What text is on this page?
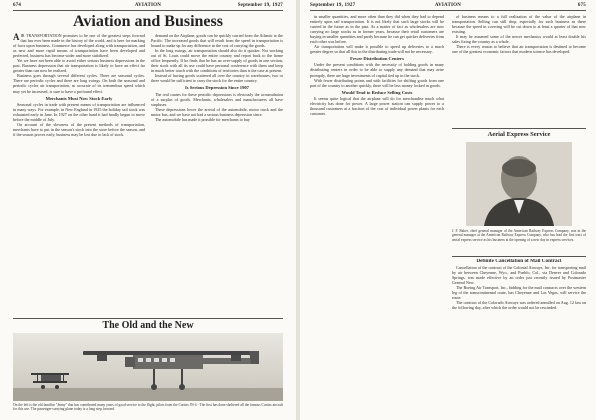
674	AVIATION	September 19, 1927
Aviation and Business

AIR TRANSPORTATION promises to be one of the greatest steps forward that has ever been made in the history of the world, and is here for marking of facts upon business. Commerce has developed along with transportation, and as new and more rapid means of transportation have been developed and perfected, business has become wider and more stabilized.

Yet we have not been able to avoid either serious business depressions in the past. Business depression that air transportation is likely to have an effect far greater than can now be realized.

Business goes through several different cycles. There are seasonal cycles. There are periodic cycles and there are long swings. On both the seasonal and periodic cycles air transportation, as accurate of its tremendous speed which may yet be increased, is sure to have a profound effect.

Merchants Must Now Stock Early

Seasonal cycles in trade with present means of transportation are influenced in many ways. For example, in New England in 1925 the holiday sail stock was exhausted early in June. In 1927 on the other hand it had hardly begun to move before the middle of July.

On account of the slowness of the present methods of transportation, merchants have to put in the season's stock into the store before the season, and if the season proves early, business may be lost due to lack of stock.

demand on the Airplane, goods can be quickly carried from the Atlantic to the Pacific. The increased goods that will result from the speed in transportation is bound to make up for any difference in the cost of carrying the goods.

In the long swings, air transportation should also do it quicker. Not working out of St. Louis could move the entire country and report back to the home office frequently. If he finds that he has an over-supply of goods in one section, their stock with all its use could have personal conference with them and keep in much better touch with the conditions of territories than is the case at present.

Instead of having goods scattered all over the country in warehouses, two or three would be sufficient to carry the stock for the entire country.

Is Serious Depression Since 1907

The real causes for these periodic depressions is obviously the accumulation of a surplus of goods. Merchants, wholesalers and manufacturers all have surpluses.

These depressions lower the arrival of the automobile, motor truck and the motor bus, and we have not had a serious business depression since.

The automobile has made it possible for merchants to buy

The Old and the New
On the left is the old familiar "Jenny" that has contributed many years of good service to the flight, pilots from the Curtiss JN-4 - The first has done sheltered all the famous Curtiss aircraft for this use. The passenger-carrying plane today is a long step forward.
September 19, 1927	AVIATION	675

in smaller quantities, and more often than they did when they had to depend entirely upon rail transportation. It is not likely that such large stocks will be carried in the future as in the past. As a matter of fact as wholesalers are now carrying no large stocks as in former years, because their retail customers are buying in smaller quantities and partly because he can get quicker deliveries from each other was before.

Air transportation will make it possible to speed up deliveries to a much greater degree so that all this in the distributing trade will not be necessary.

Fewer Distribution Centers

Under the present conditions with the necessity of holding goods in many distributing centers in order to be able to supply any demand that may arise promptly, there are huge investments of capital tied up in the stock.

With fewer distributing points and with facilities for shifting goods from one part of the country to another quickly, there will be less money locked in goods.

Would Tend to Reduce Selling Costs

It seems quite logical that the airplane will do for merchandise much what electricity has done for power. A large power station can supply power to a thousand customers at a fraction of the cost of individual power plants for each customer.

of business means to a full realization of the value of the airplane in transportation. Selling can still drop, especially for such business as these because the speed in covering will be cut down to at least a quarter of that now existing.

It may be assumed some of the newer mechanics would at least double his sales fixing the country as a whole.

There is every reason to believe that air transportation is destined to become one of the greatest economic factors that modern science has developed.

Aerial Express Service
J. F. Baker, chief general manager of the American Railway Express Company, was in the general manager at the American Railway Express Company, who has lead the first tract of aerial express service as his business at the opening of a new day in express services.
Definite Cancellation of Mail Contract

Cancellation of the contract of the Colonial Airways, Inc. for transporting mail by air between Cheyenne, Wyo., and Pueblo, Col., via Denver and Colorado Springs, was made effective by an order just recently issued by Postmaster General New.

The Boeing Air Transport, Inc., bidding for the mail contracts over the western leg of the transcontinental route, has Cheyenne and Las Vegas, will service the route.

The contract of the Colorado Airways was ordered annulled on Aug. 12 last on the following day, after which the order would not be rescinded.
